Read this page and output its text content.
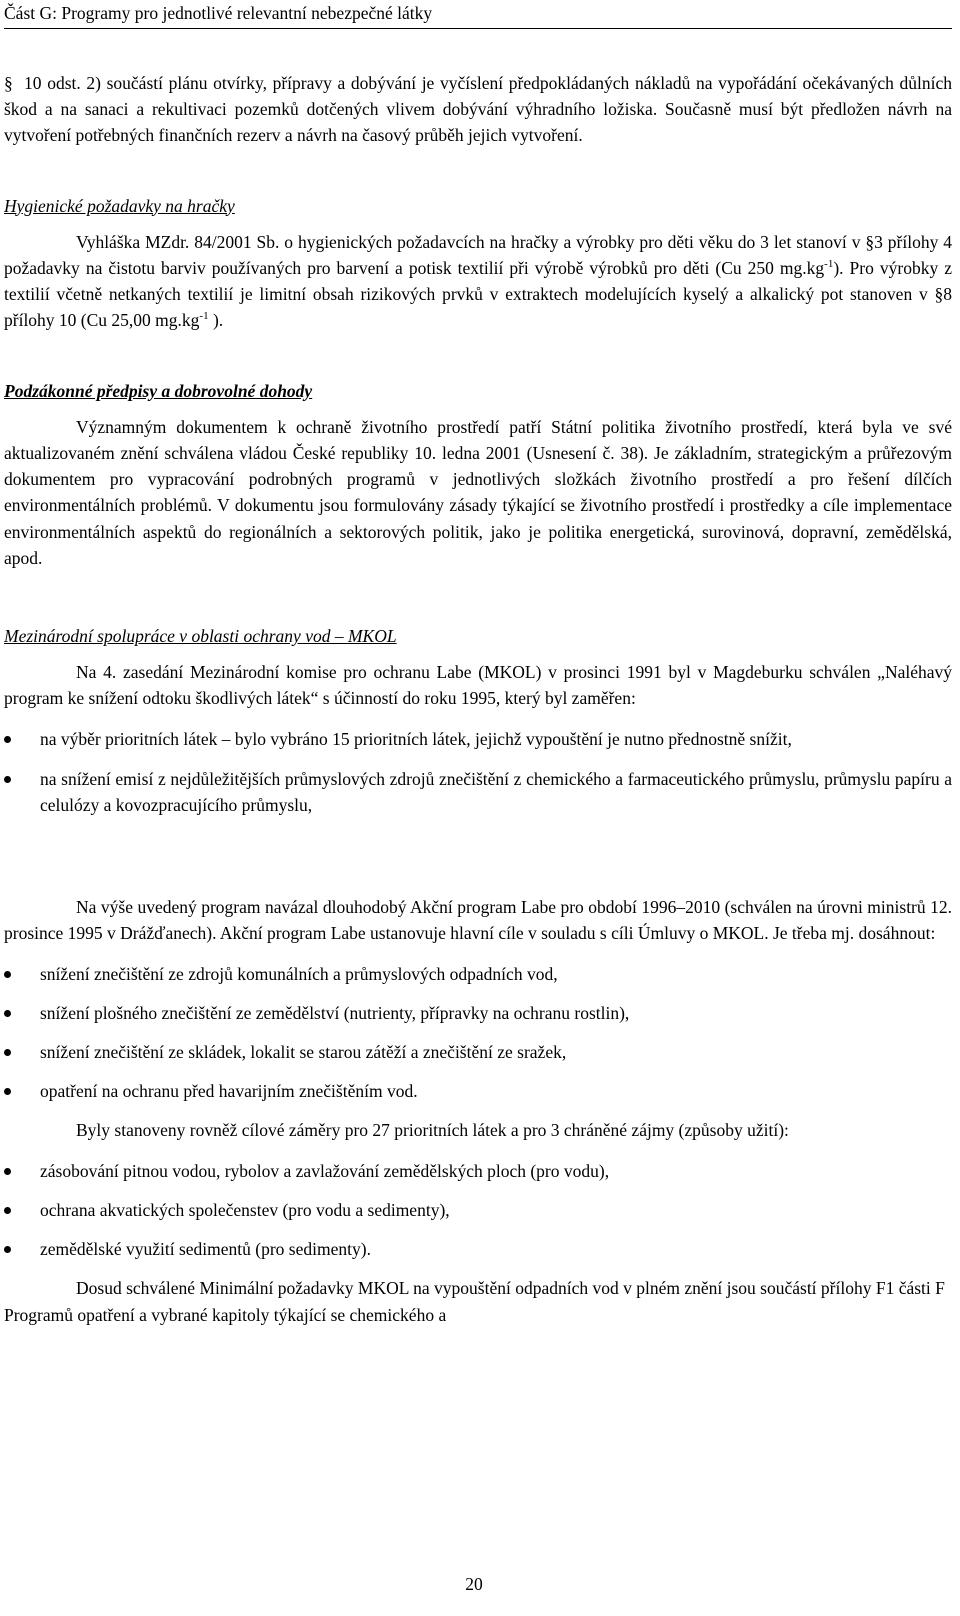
Část G: Programy pro jednotlivé relevantní nebezpečné látky

§ 10 odst. 2) součástí plánu otvírky, přípravy a dobývání je vyčíslení předpokládaných nákladů na vypořádání očekávaných důlních škod a na sanaci a rekultivaci pozemků dotčených vlivem dobývání výhradního ložiska. Současně musí být předložen návrh na vytvoření potřebných finančních rezerv a návrh na časový průběh jejich vytvoření.

Hygienické požadavky na hračky

Vyhláška MZdr. 84/2001 Sb. o hygienických požadavcích na hračky a výrobky pro děti věku do 3 let stanoví v §3 přílohy 4 požadavky na čistotu barviv používaných pro barvení a potisk textilií při výrobě výrobků pro děti (Cu 250 $mg.kg^{-1}$). Pro výrobky z textilií včetně netkaných textilií je limitní obsah rizikových prvků v extraktech modelujících kyselý a alkalický pot stanoven v §8 přílohy 10 (Cu 25,00 $mg.kg^{-1}$ ).

Podzákonné předpisy a dobrovolné dohody

Významným dokumentem k ochraně životního prostředí patří Státní politika životního prostředí, která byla ve své aktualizovaném znění schválena vládou České republiky 10. ledna 2001 (Usnesení č. 38). Je základním, strategickým a průřezovým dokumentem pro vypracování podrobných programů v jednotlivých složkách životního prostředí a pro řešení dílčích environmentálních problémů. V dokumentu jsou formulovány zásady týkající se životního prostředí i prostředky a cíle implementace environmentálních aspektů do regionálních a sektorových politik, jako je politika energetická, surovinová, dopravní, zemědělská, apod.

Mezinárodní spolupráce v oblasti ochrany vod – MKOL

Na 4. zasedání Mezinárodní komise pro ochranu Labe (MKOL) v prosinci 1991 byl v Magdeburku schválen „Naléhavý program ke snížení odtoku škodlivých látek“ s účinností do roku 1995, který byl zaměřen:

na výběr prioritních látek – bylo vybráno 15 prioritních látek, jejichž vypouštění je nutno přednostně snížit,
na snížení emisí z nejdůležitějších průmyslových zdrojů znečištění z chemického a farmaceutického průmyslu, průmyslu papíru a celulózy a kovozpracujícího průmyslu,

Na výše uvedený program navázal dlouhodobý Akční program Labe pro období 1996–2010 (schválen na úrovni ministrů 12. prosince 1995 v Drážďanech). Akční program Labe ustanovuje hlavní cíle v souladu s cíli Úmluvy o MKOL. Je třeba mj. dosáhnout:

snížení znečištění ze zdrojů komunálních a průmyslových odpadních vod,
snížení plošného znečištění ze zemědělství (nutrienty, přípravky na ochranu rostlin),
snížení znečištění ze skládek, lokalit se starou zátěží a znečištění ze sražek,
opatření na ochranu před havarijním znečištěním vod.

Byly stanoveny rovněž cílové záměry pro 27 prioritních látek a pro 3 chráněné zájmy (způsoby užití):

zásobování pitnou vodou, rybolov a zavlažování zemědělských ploch (pro vodu),
ochrana akvatických společenstev (pro vodu a sedimenty),
zemědělské využití sedimentů (pro sedimenty).

Dosud schválené Minimální požadavky MKOL na vypouštění odpadních vod v plném znění jsou součástí přílohy F1 části F Programů opatření a vybrané kapitoly týkající se chemického a

20
